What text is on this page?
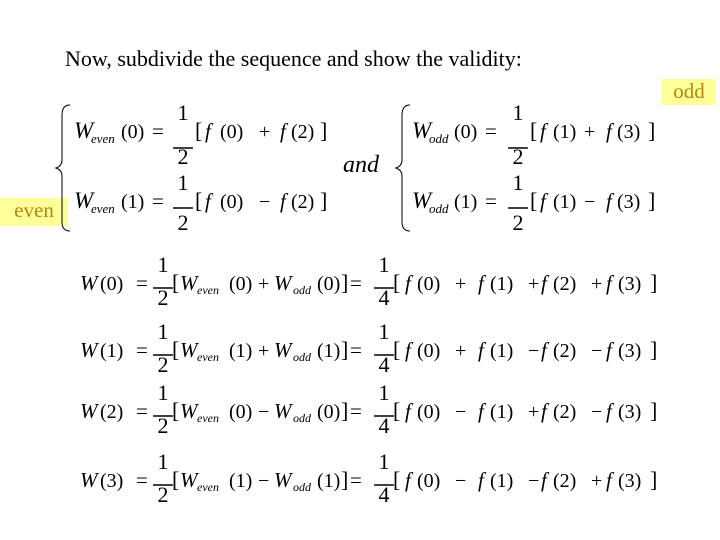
Now, subdivide the sequence and show the validity:
odd
even
W
even (0) =
1
2
[ f (0) + f (2) ]
W
even (1) =
1
2
[ f (0) − f (2) ]
and
W
odd (0) =
1
2
[ f (1) + f (3) ]
W
odd (1) =
1
2
[ f (1) − f (3) ]
W (0) =
1
2
[ W even (0) + W odd (0) ] =
1
4
[ f (0) + f (1) + f (2) + f (3) ]
W (1) =
1
2
[ W even (1) + W odd (1) ] =
1
4
[ f (0) + f (1) − f (2) − f (3) ]
W (2) =
1
2
[ W even (0) − W odd (0) ] =
1
4
[ f (0) − f (1) + f (2) − f (3) ]
W (3) =
1
2
[ W even (1) − W odd (1) ] =
1
4
[ f (0) − f (1) − f (2) + f (3) ]
